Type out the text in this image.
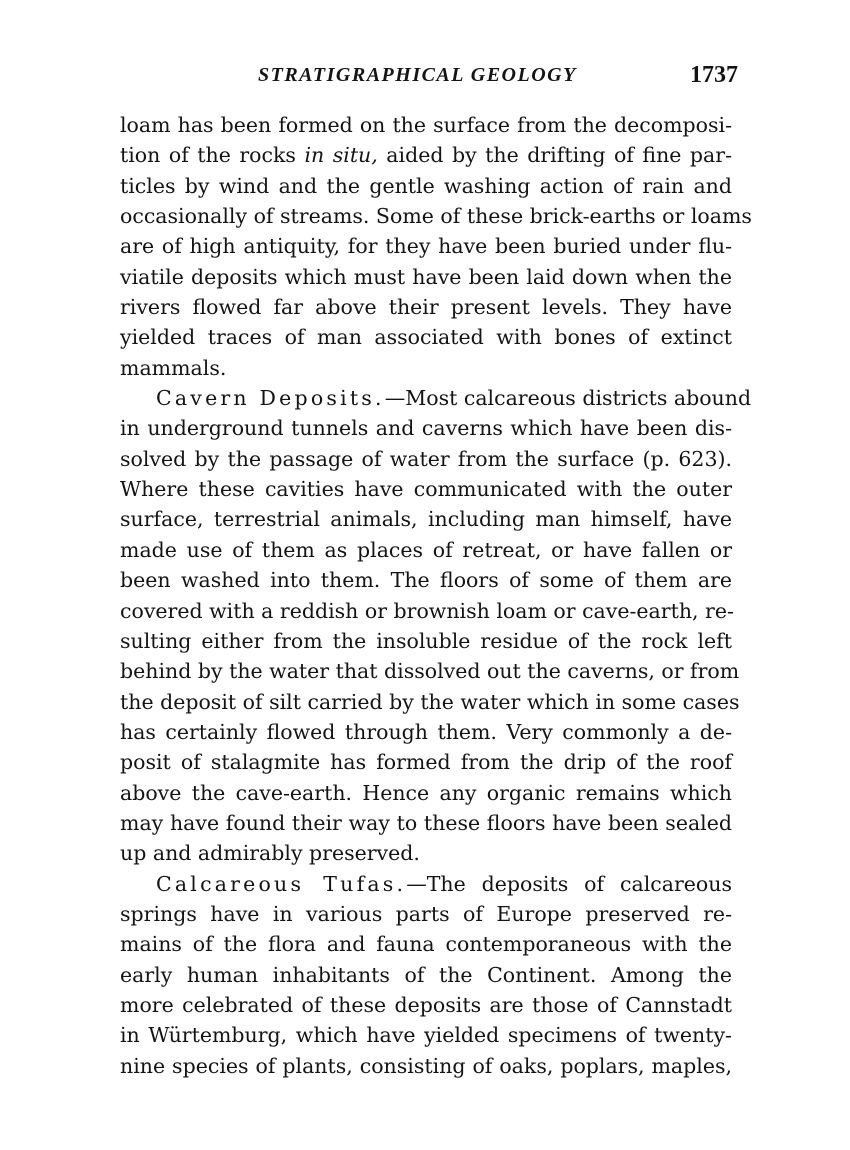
STRATIGRAPHICAL GEOLOGY	1737
loam has been formed on the surface from the decomposi-
tion of the rocks in situ, aided by the drifting of fine par-
ticles by wind and the gentle washing action of rain and
occasionally of streams. Some of these brick-earths or loams
are of high antiquity, for they have been buried under flu-
viatile deposits which must have been laid down when the
rivers flowed far above their present levels. They have
yielded traces of man associated with bones of extinct
mammals.
Cavern Deposits.—Most calcareous districts abound
in underground tunnels and caverns which have been dis-
solved by the passage of water from the surface (p. 623).
Where these cavities have communicated with the outer
surface, terrestrial animals, including man himself, have
made use of them as places of retreat, or have fallen or
been washed into them. The floors of some of them are
covered with a reddish or brownish loam or cave-earth, re-
sulting either from the insoluble residue of the rock left
behind by the water that dissolved out the caverns, or from
the deposit of silt carried by the water which in some cases
has certainly flowed through them. Very commonly a de-
posit of stalagmite has formed from the drip of the roof
above the cave-earth. Hence any organic remains which
may have found their way to these floors have been sealed
up and admirably preserved.
Calcareous Tufas.—The deposits of calcareous
springs have in various parts of Europe preserved re-
mains of the flora and fauna contemporaneous with the
early human inhabitants of the Continent. Among the
more celebrated of these deposits are those of Cannstadt
in Würtemburg, which have yielded specimens of twenty-
nine species of plants, consisting of oaks, poplars, maples,
